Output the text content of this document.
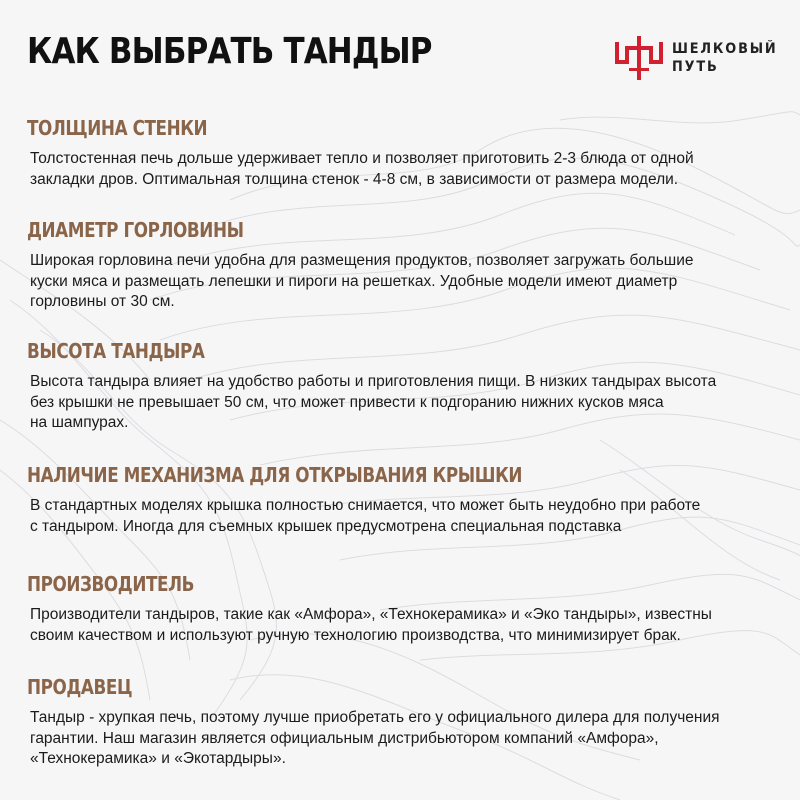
КАК ВЫБРАТЬ ТАНДЫР	ШЕЛКОВЫЙ
ПУТЬ
ТОЛЩИНА СТЕНКИ

Толстостенная печь дольше удерживает тепло и позволяет приготовить 2-3 блюда от одной
закладки дров. Оптимальная толщина стенок - 4-8 см, в зависимости от размера модели.

ДИАМЕТР ГОРЛОВИНЫ

Широкая горловина печи удобна для размещения продуктов, позволяет загружать большие
куски мяса и размещать лепешки и пироги на решетках. Удобные модели имеют диаметр
горловины от 30 см.

ВЫСОТА ТАНДЫРА

Высота тандыра влияет на удобство работы и приготовления пищи. В низких тандырах высота
без крышки не превышает 50 см, что может привести к подгоранию нижних кусков мяса
на шампурах.

НАЛИЧИЕ МЕХАНИЗМА ДЛЯ ОТКРЫВАНИЯ КРЫШКИ

В стандартных моделях крышка полностью снимается, что может быть неудобно при работе
с тандыром. Иногда для съемных крышек предусмотрена специальная подставка

ПРОИЗВОДИТЕЛЬ

Производители тандыров, такие как «Амфора», «Технокерамика» и «Эко тандыры», известны
своим качеством и используют ручную технологию производства, что минимизирует брак.

ПРОДАВЕЦ

Тандыр - хрупкая печь, поэтому лучше приобретать его у официального дилера для получения
гарантии. Наш магазин является официальным дистрибьютором компаний «Амфора»,
«Технокерамика» и «Экотардыры».
